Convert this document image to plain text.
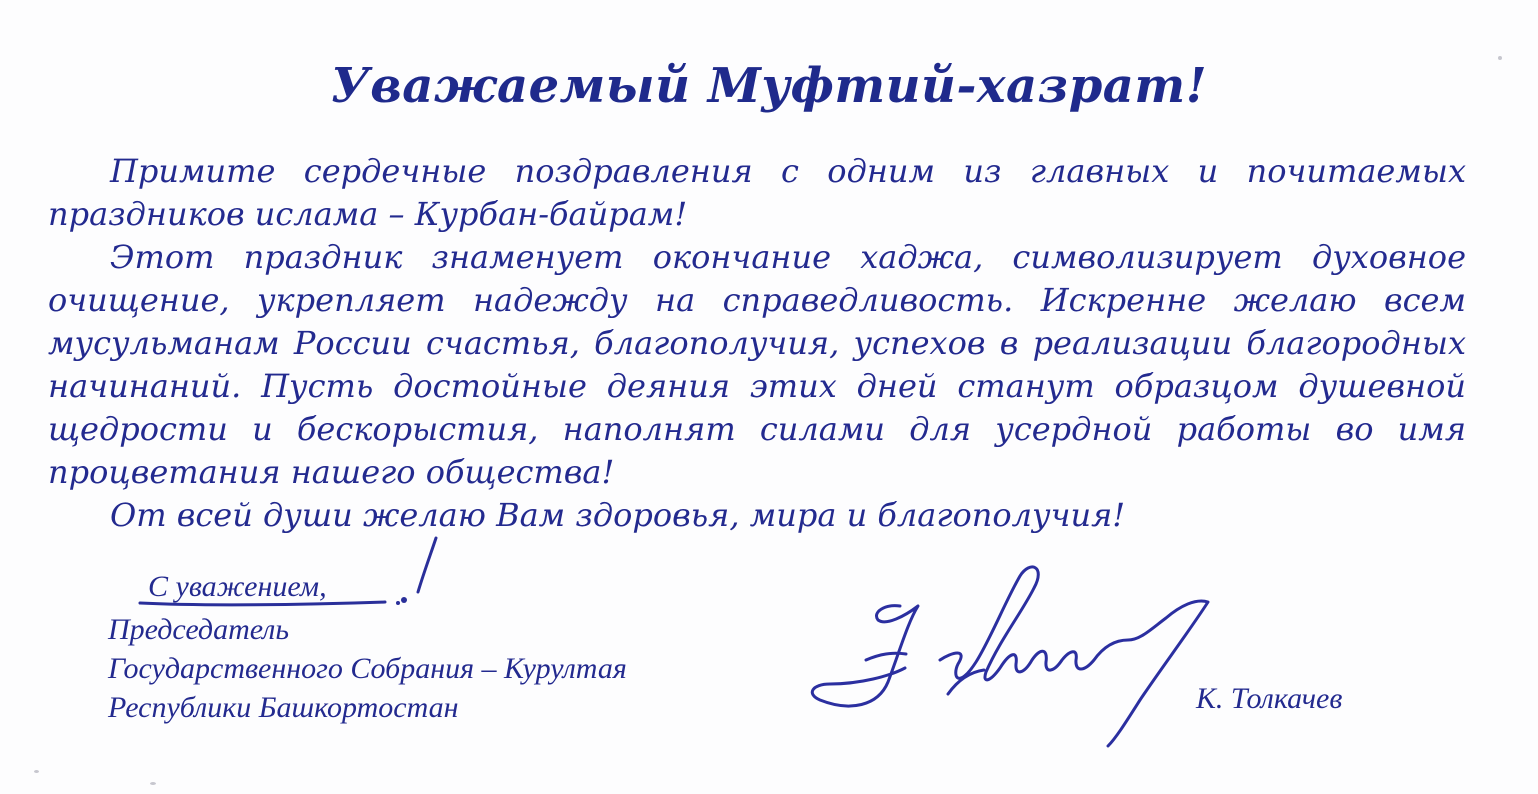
Уважаемый Муфтий-хазрат!

Примите сердечные поздравления с одним из главных и почитаемых праздников ислама – Курбан-байрам!

Этот праздник знаменует окончание хаджа, символизирует духовное очищение, укрепляет надежду на справедливость. Искренне желаю всем мусульманам России счастья, благополучия, успехов в реализации благородных начинаний. Пусть достойные деяния этих дней станут образцом душевной щедрости и бескорыстия, наполнят силами для усердной работы во имя процветания нашего общества!

От всей души желаю Вам здоровья, мира и благополучия!

С уважением,
Председатель
Государственного Собрания – Курултая
Республики Башкортостан	К. Толкачев
